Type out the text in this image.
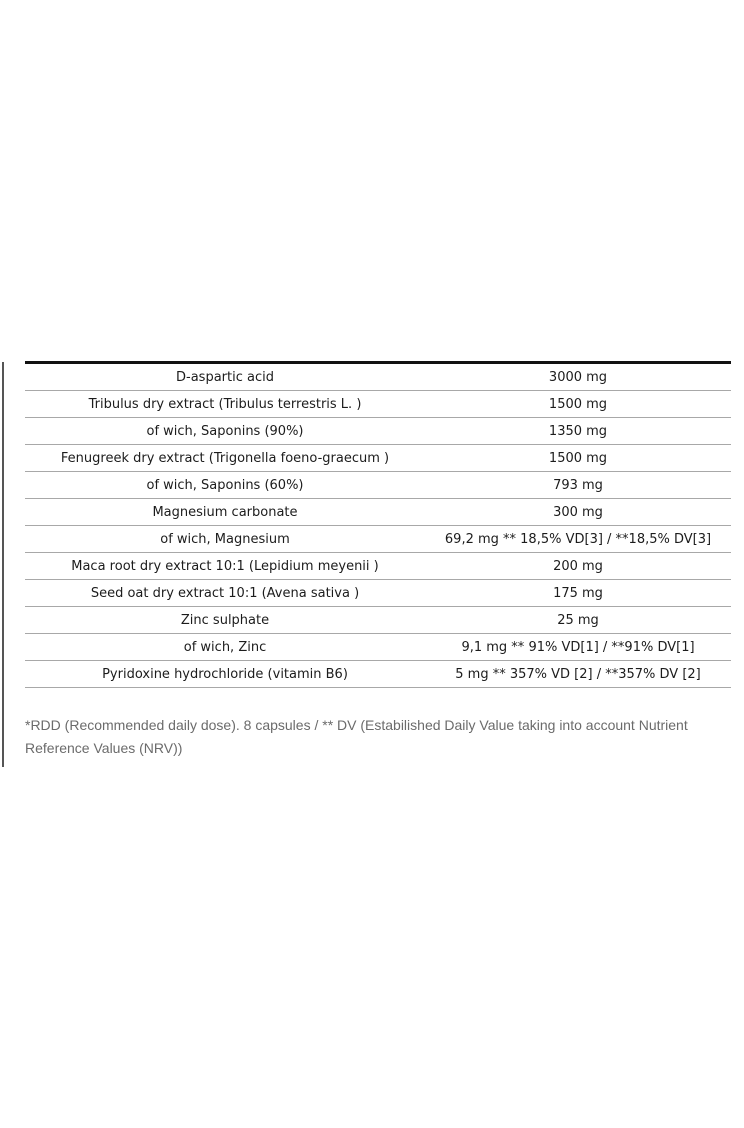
D-aspartic acid	3000 mg
Tribulus dry extract (Tribulus terrestris L. )	1500 mg
of wich, Saponins (90%)	1350 mg
Fenugreek dry extract (Trigonella foeno-graecum )	1500 mg
of wich, Saponins (60%)	793 mg
Magnesium carbonate	300 mg
of wich, Magnesium	69,2 mg ** 18,5% VD[3] / **18,5% DV[3]
Maca root dry extract 10:1 (Lepidium meyenii )	200 mg
Seed oat dry extract 10:1 (Avena sativa )	175 mg
Zinc sulphate	25 mg
of wich, Zinc	9,1 mg ** 91% VD[1] / **91% DV[1]
Pyridoxine hydrochloride (vitamin B6)	5 mg ** 357% VD [2] / **357% DV [2]

*RDD (Recommended daily dose). 8 capsules / ** DV (Estabilished Daily Value taking into account Nutrient Reference Values (NRV))
